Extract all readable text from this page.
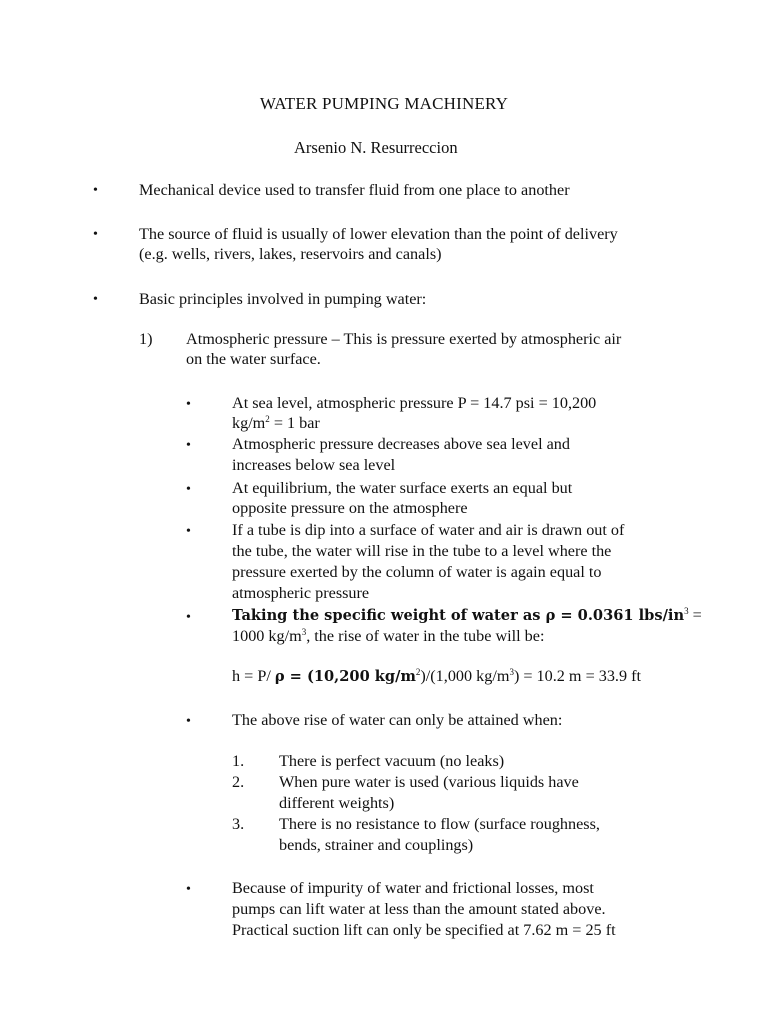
WATER PUMPING MACHINERY
Arsenio N. Resurreccion
•	Mechanical device used to transfer fluid from one place to another
•	The source of fluid is usually of lower elevation than the point of delivery
(e.g. wells, rivers, lakes, reservoirs and canals)
•	Basic principles involved in pumping water:
1) Atmospheric pressure – This is pressure exerted by atmospheric air
on the water surface.
•	At sea level, atmospheric pressure P = 14.7 psi = 10,200
$kg/m^2 = 1$ bar
•	Atmospheric pressure decreases above sea level and
increases below sea level
•	At equilibrium, the water surface exerts an equal but
opposite pressure on the atmosphere
•	If a tube is dip into a surface of water and air is drawn out of
the tube, the water will rise in the tube to a level where the
pressure exerted by the column of water is again equal to
atmospheric pressure
•	Taking the specific weight of water as ρ = 0.0361 lbs/$in^3$ =
1000 $kg/m^3$, the rise of water in the tube will be:
h = P/ ρ = (10,200 $kg/m^2)/(1,000$ $kg/m^3) = 10.2$ m = 33.9 ft
•	The above rise of water can only be attained when:
1. There is perfect vacuum (no leaks)
2. When pure water is used (various liquids have
different weights)
3. There is no resistance to flow (surface roughness,
bends, strainer and couplings)
•	Because of impurity of water and frictional losses, most
pumps can lift water at less than the amount stated above.
Practical suction lift can only be specified at 7.62 m = 25 ft
